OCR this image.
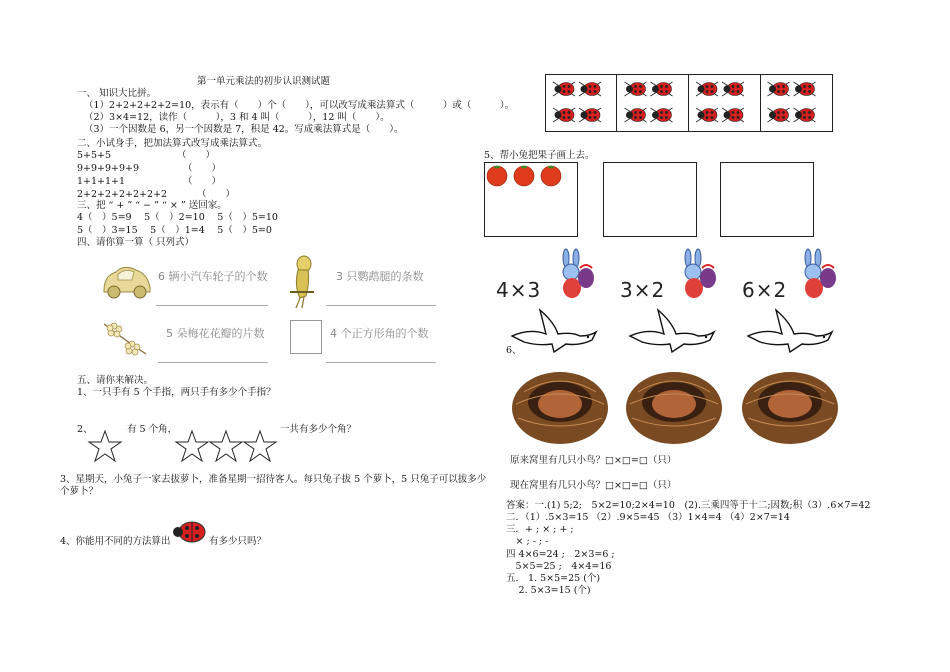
第一单元乘法的初步认识测试题
一、 知识大比拼。
（1）2+2+2+2+2=10，表示有（　　）个（　　），可以改写成乘法算式（　　　）或（　　　）。
（2）3×4=12，读作（　　　），3 和 4 叫（　　　），12 叫（　　）。
（3）一个因数是 6，另一个因数是 7，积是 42。写成乘法算式是（　　）。
二、小试身手，把加法算式改写成乘法算式。
5+5+5	（　　）
9+9+9+9+9	（　　）
1+1+1+1	（　　）
2+2+2+2+2+2+2	（　　）
三、把 “ + ” “ − ” “ × ” 送回家。
4（　）5=9　 5（　）2=10　 5（　）5=10
5（　）3=15　 5（　）1=4　 5（　）5=0
四、请你算一算（ 只列式）
6 辆小汽车轮子的个数	3 只鹦鹉腿的条数
5 朵梅花花瓣的片数	4 个正方形角的个数
五、请你来解决。
1、一只手有 5 个手指，两只手有多少个手指？
2、	有 5 个角，	一共有多少个角？
3、星期天，小兔子一家去拔萝卜，准备星期一招待客人。每只兔子拔 5 个萝卜，5 只兔子可以拔多少
个萝卜？
4、你能用不同的方法算出	有多少只吗？
5、帮小兔把果子画上去。
4×3	3×2	6×2
6、
原来窝里有几只小鸟？□×□=□（只）
现在窝里有几只小鸟？□×□=□（只）
答案：一.(1) 5;2;　5×2=10;2×4=10　(2).三乘四等于十二;因数;积（3）.6×7=42
二．（1）.5×3=15 （2）.9×5=45 （3）1×4=4 （4）2×7=14
三．+ ; × ; + ;
　× ; - ; -
四 4×6=24 ;　2×3=6 ;
　5×5=25 ;　4×4=16
五． 1. 5×5=25 (个)
　 2. 5×3=15 (个)
